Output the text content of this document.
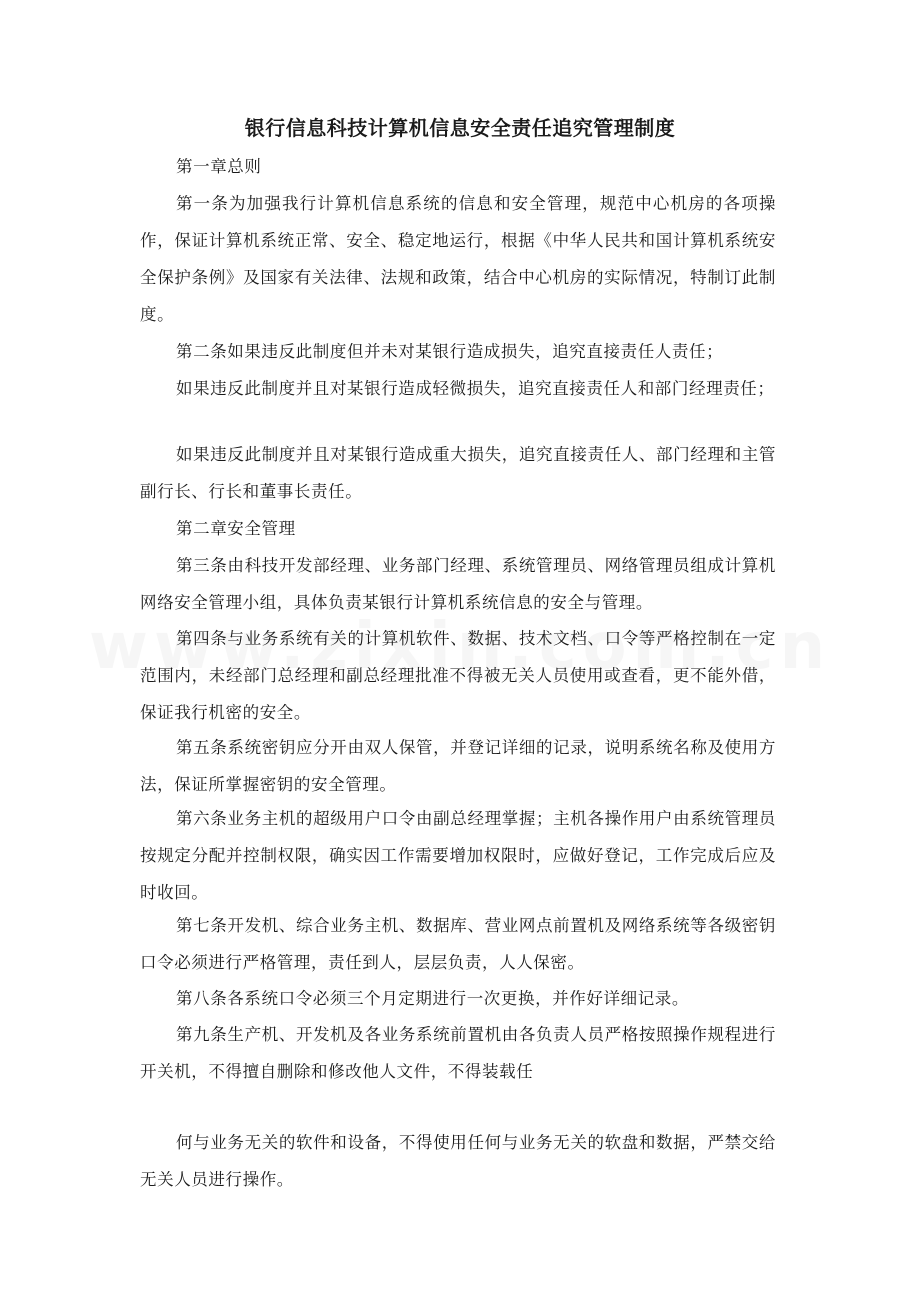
银行信息科技计算机信息安全责任追究管理制度
第一章总则
第一条为加强我行计算机信息系统的信息和安全管理，规范中心机房的各项操作，保证计算机系统正常、安全、稳定地运行，根据《中华人民共和国计算机系统安全保护条例》及国家有关法律、法规和政策，结合中心机房的实际情况，特制订此制度。
第二条如果违反此制度但并未对某银行造成损失，追究直接责任人责任；
如果违反此制度并且对某银行造成轻微损失，追究直接责任人和部门经理责任；
如果违反此制度并且对某银行造成重大损失，追究直接责任人、部门经理和主管副行长、行长和董事长责任。
第二章安全管理
第三条由科技开发部经理、业务部门经理、系统管理员、网络管理员组成计算机网络安全管理小组，具体负责某银行计算机系统信息的安全与管理。
第四条与业务系统有关的计算机软件、数据、技术文档、口令等严格控制在一定范围内，未经部门总经理和副总经理批准不得被无关人员使用或查看，更不能外借，保证我行机密的安全。
第五条系统密钥应分开由双人保管，并登记详细的记录，说明系统名称及使用方法，保证所掌握密钥的安全管理。
第六条业务主机的超级用户口令由副总经理掌握；主机各操作用户由系统管理员按规定分配并控制权限，确实因工作需要增加权限时，应做好登记，工作完成后应及时收回。
第七条开发机、综合业务主机、数据库、营业网点前置机及网络系统等各级密钥口令必须进行严格管理，责任到人，层层负责，人人保密。
第八条各系统口令必须三个月定期进行一次更换，并作好详细记录。
第九条生产机、开发机及各业务系统前置机由各负责人员严格按照操作规程进行开关机，不得擅自删除和修改他人文件，不得装载任
何与业务无关的软件和设备，不得使用任何与业务无关的软盘和数据，严禁交给无关人员进行操作。
